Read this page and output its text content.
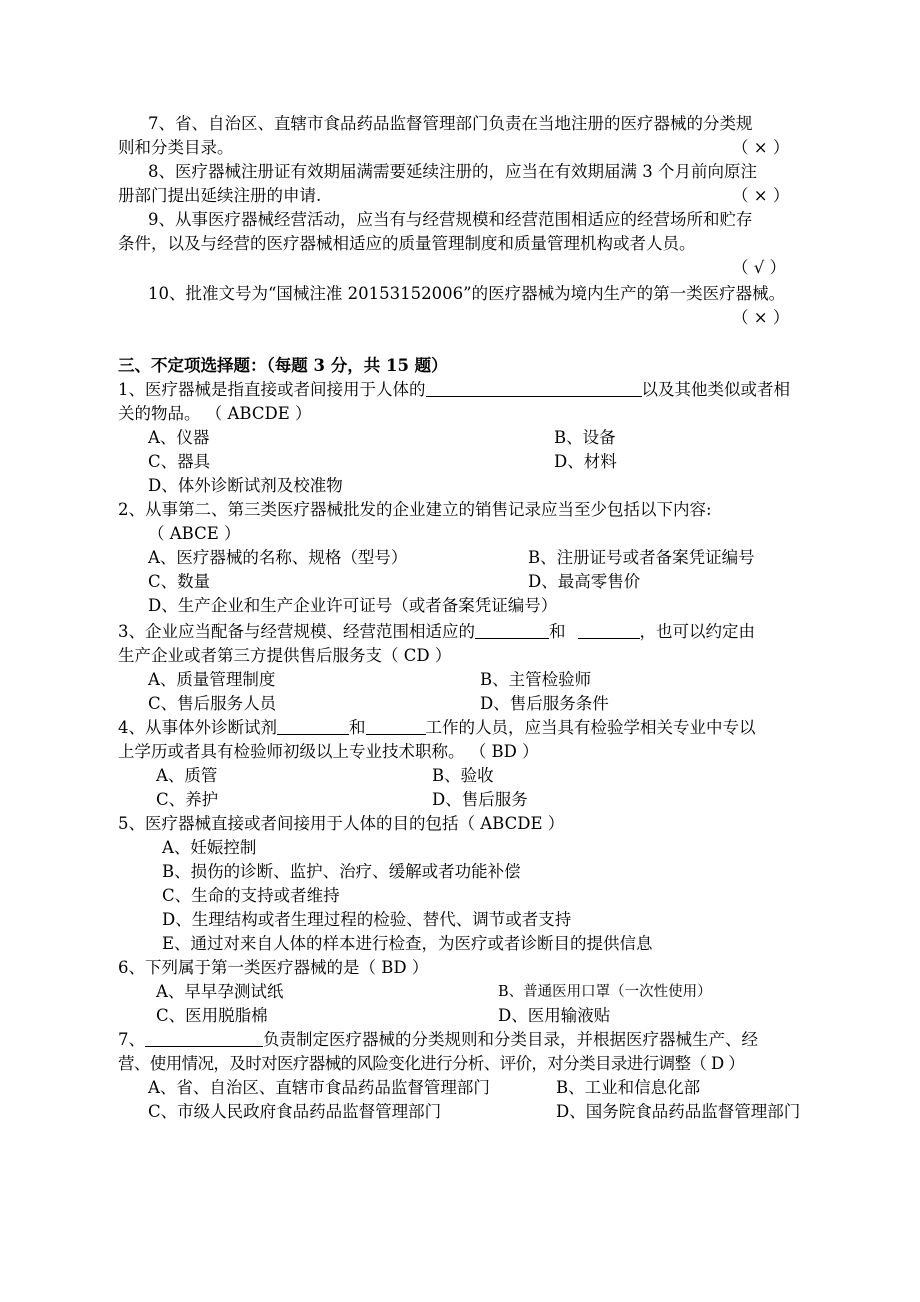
7、省、自治区、直辖市食品药品监督管理部门负责在当地注册的医疗器械的分类规
则和分类目录。	（ × ）
8、医疗器械注册证有效期届满需要延续注册的，应当在有效期届满 3 个月前向原注
册部门提出延续注册的申请.	（ × ）
9、从事医疗器械经营活动，应当有与经营规模和经营范围相适应的经营场所和贮存
条件，以及与经营的医疗器械相适应的质量管理制度和质量管理机构或者人员。
（ √ ）
10、批准文号为“国械注准 20153152006”的医疗器械为境内生产的第一类医疗器械。
（ × ）
三、不定项选择题：（每题 3 分，共 15 题）
1、医疗器械是指直接或者间接用于人体的	以及其他类似或者相
关的物品。 （ ABCDE ）
A、仪器	B、设备
C、器具	D、材料
D、体外诊断试剂及校准物
2、从事第二、第三类医疗器械批发的企业建立的销售记录应当至少包括以下内容:
（ ABCE ）
A、医疗器械的名称、规格（型号）	B、注册证号或者备案凭证编号
C、数量	D、最高零售价
D、生产企业和生产企业许可证号（或者备案凭证编号）
3、企业应当配备与经营规模、经营范围相适应的	和	，也可以约定由
生产企业或者第三方提供售后服务支（ CD ）
A、质量管理制度	B、主管检验师
C、售后服务人员	D、售后服务条件
4、从事体外诊断试剂	和	工作的人员，应当具有检验学相关专业中专以
上学历或者具有检验师初级以上专业技术职称。 （ BD ）
A、质管	B、验收
C、养护	D、售后服务
5、医疗器械直接或者间接用于人体的目的包括（ ABCDE ）
A、妊娠控制
B、损伤的诊断、监护、治疗、缓解或者功能补偿
C、生命的支持或者维持
D、生理结构或者生理过程的检验、替代、调节或者支持
E、通过对来自人体的样本进行检查，为医疗或者诊断目的提供信息
6、下列属于第一类医疗器械的是（ BD ）
A、早早孕测试纸	B、普通医用口罩（一次性使用）
C、医用脱脂棉	D、医用输液贴
7、	负责制定医疗器械的分类规则和分类目录，并根据医疗器械生产、经
营、使用情况，及时对医疗器械的风险变化进行分析、评价，对分类目录进行调整（ D ）
A、省、自治区、直辖市食品药品监督管理部门	B、工业和信息化部
C、市级人民政府食品药品监督管理部门	D、国务院食品药品监督管理部门
